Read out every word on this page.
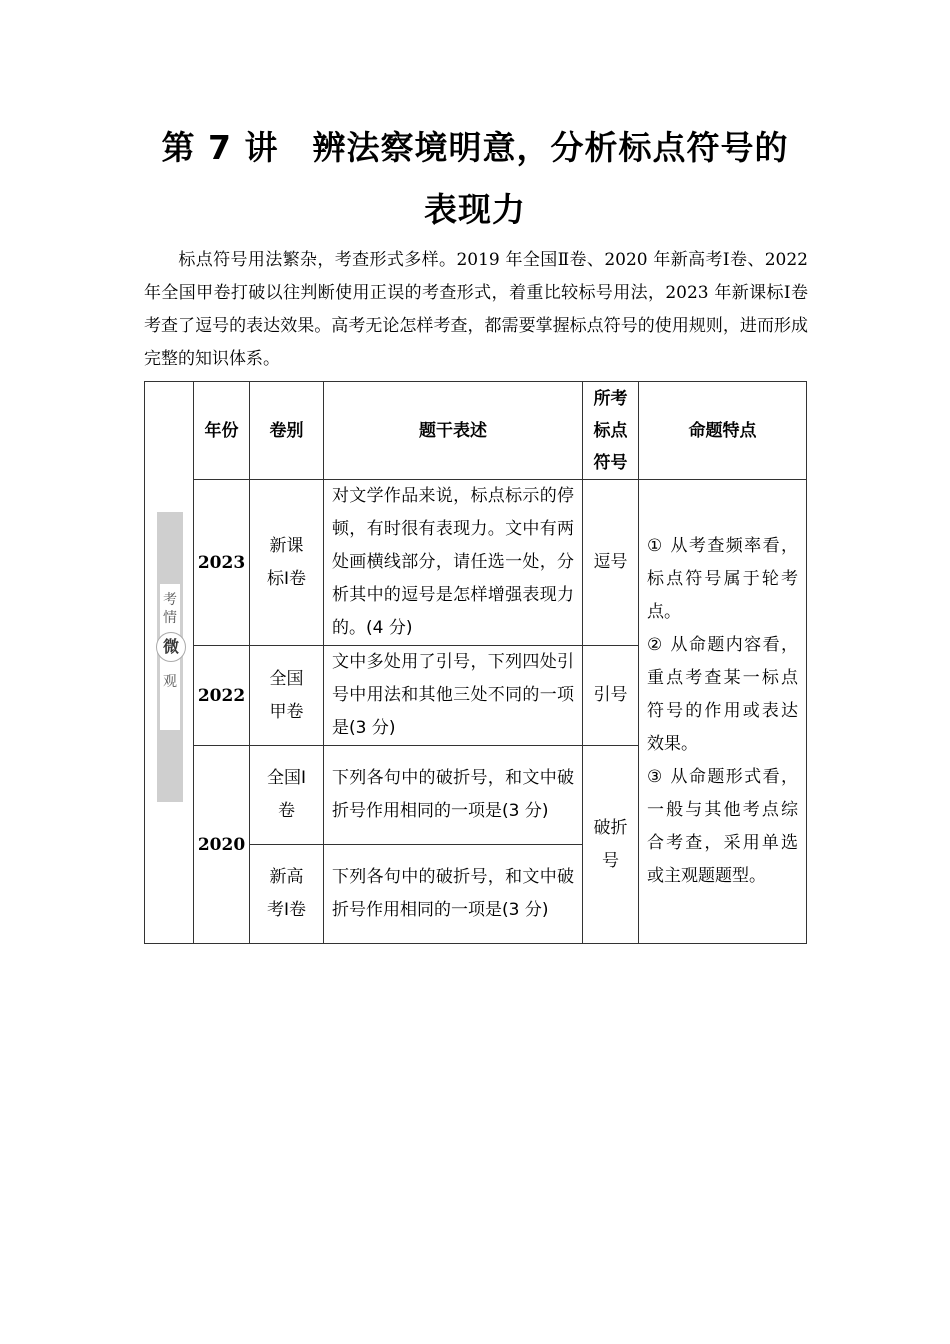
第 7 讲　辨法察境明意，分析标点符号的
表现力
标点符号用法繁杂，考查形式多样。2019 年全国Ⅱ卷、2020 年新高考Ⅰ卷、2022 年全国甲卷打破以往判断使用正误的考查形式，着重比较标号用法，2023 年新课标Ⅰ卷考查了逗号的表达效果。高考无论怎样考查，都需要掌握标点符号的使用规则，进而形成完整的知识体系。
考
情
微
观	年份	卷别	题干表述	所考标点符号	命题特点
	2023	新课标Ⅰ卷	对文学作品来说，标点标示的停顿，有时很有表现力。文中有两处画横线部分，请任选一处，分析其中的逗号是怎样增强表现力的。(4 分)	逗号	① 从考查频率看，标点符号属于轮考点。

② 从命题内容看，重点考查某一标点符号的作用或表达效果。

③ 从命题形式看，一般与其他考点综合考查，采用单选或主观题题型。

	2022	全国甲卷	文中多处用了引号，下列四处引号中用法和其他三处不同的一项是(3 分)	引号	
	2020	全国Ⅰ卷	下列各句中的破折号，和文中破折号作用相同的一项是(3 分)	破折号	
		新高考Ⅰ卷	下列各句中的破折号，和文中破折号作用相同的一项是(3 分)		
